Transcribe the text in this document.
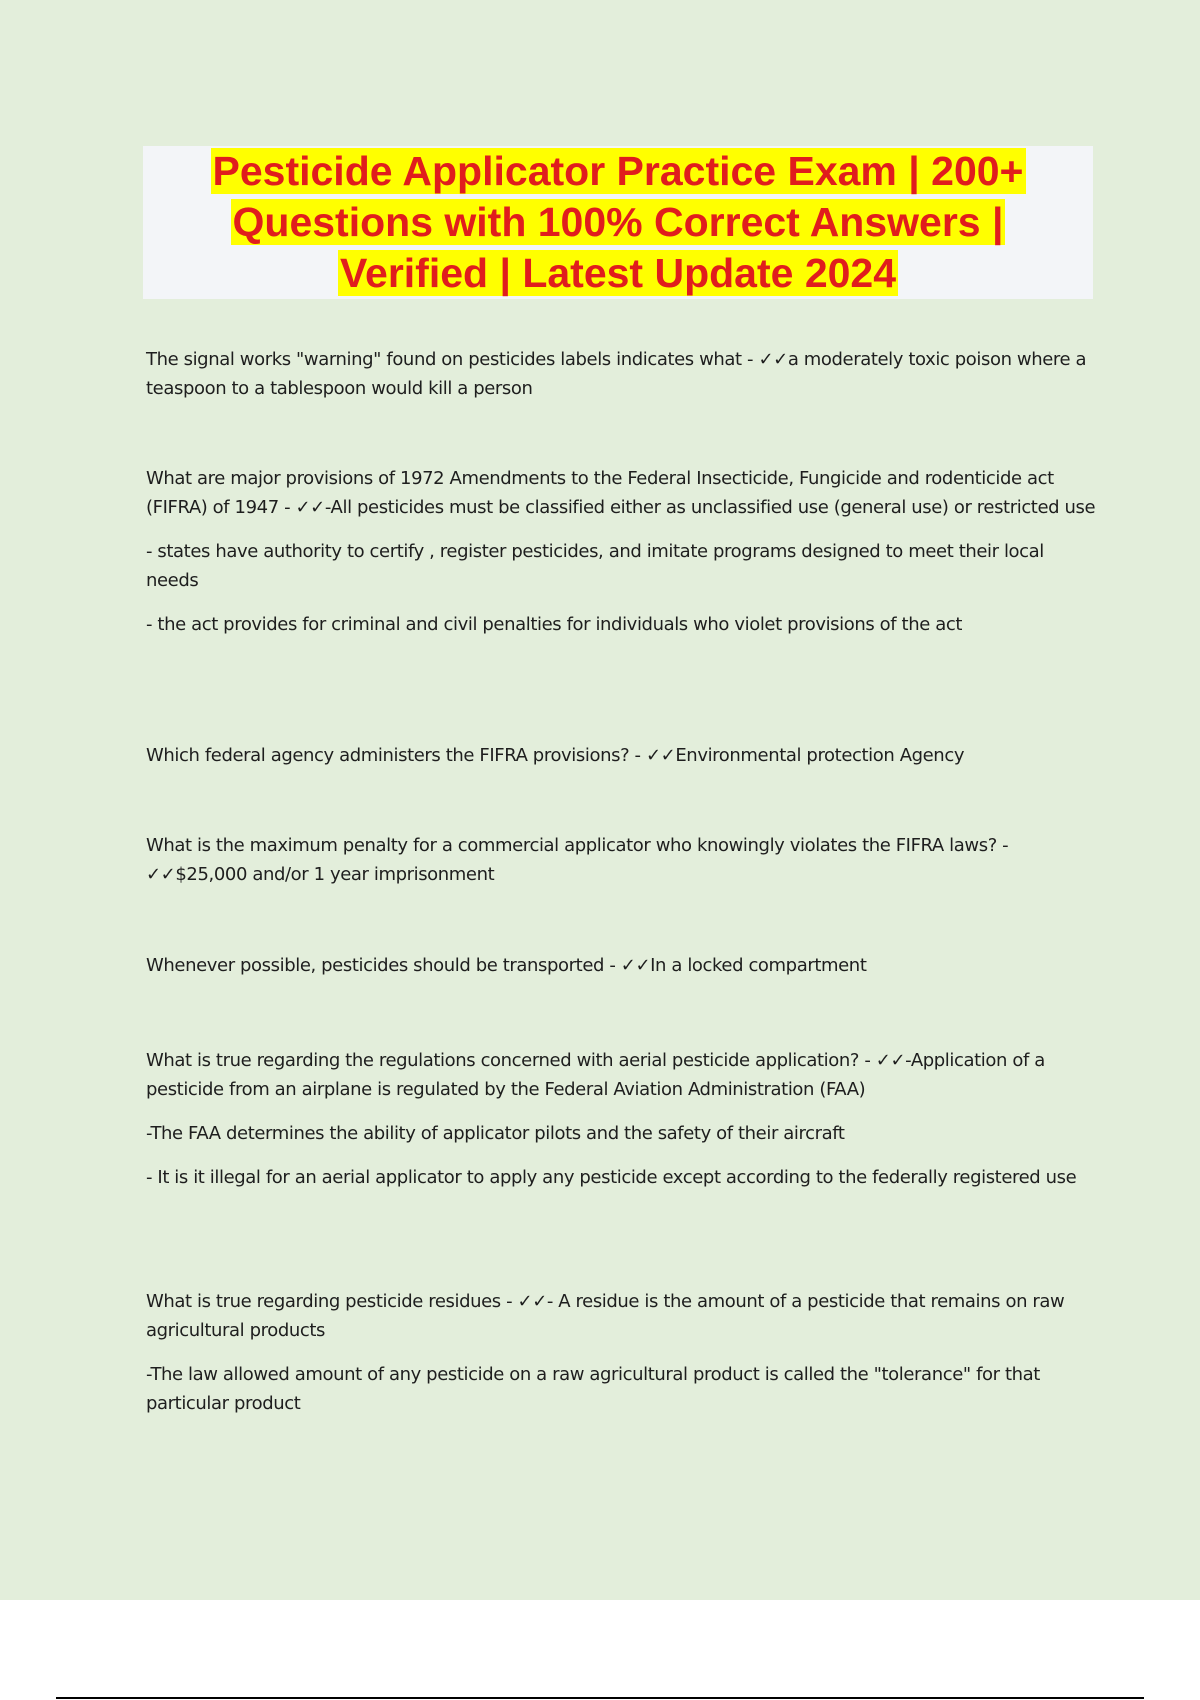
Pesticide Applicator Practice Exam | 200+
Questions with 100% Correct Answers |
Verified | Latest Update 2024

The signal works "warning" found on pesticides labels indicates what - ✓✓a moderately toxic poison where a teaspoon to a tablespoon would kill a person

What are major provisions of 1972 Amendments to the Federal Insecticide, Fungicide and rodenticide act (FIFRA) of 1947 - ✓✓-All pesticides must be classified either as unclassified use (general use) or restricted use

- states have authority to certify , register pesticides, and imitate programs designed to meet their local needs

- the act provides for criminal and civil penalties for individuals who violet provisions of the act

Which federal agency administers the FIFRA provisions? - ✓✓Environmental protection Agency

What is the maximum penalty for a commercial applicator who knowingly violates the FIFRA laws? - ✓✓$25,000 and/or 1 year imprisonment

Whenever possible, pesticides should be transported - ✓✓In a locked compartment

What is true regarding the regulations concerned with aerial pesticide application? - ✓✓-Application of a pesticide from an airplane is regulated by the Federal Aviation Administration (FAA)

-The FAA determines the ability of applicator pilots and the safety of their aircraft

- It is it illegal for an aerial applicator to apply any pesticide except according to the federally registered use

What is true regarding pesticide residues - ✓✓- A residue is the amount of a pesticide that remains on raw agricultural products

-The law allowed amount of any pesticide on a raw agricultural product is called the "tolerance" for that particular product
